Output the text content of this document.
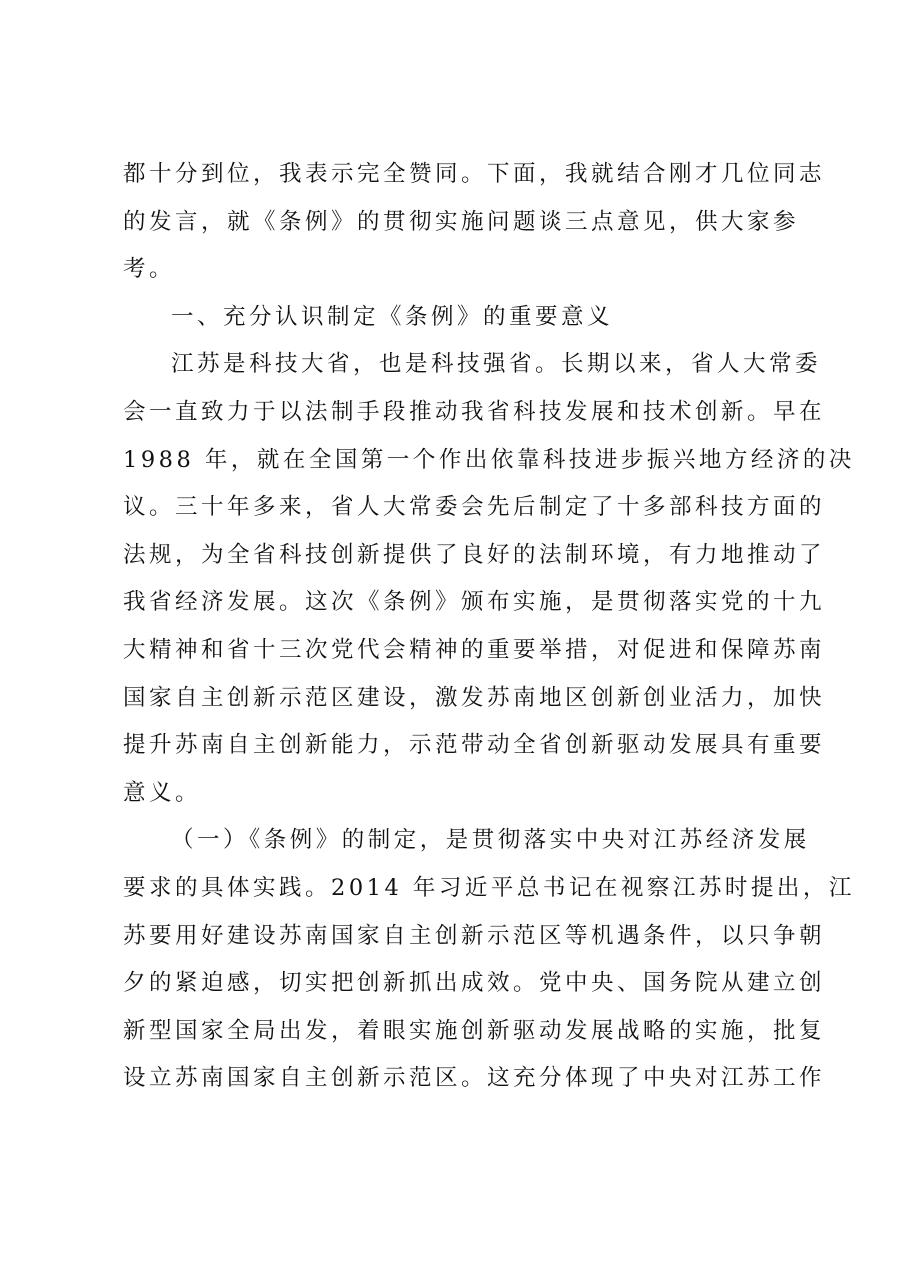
都十分到位，我表示完全赞同。下面，我就结合刚才几位同志
的发言，就《条例》的贯彻实施问题谈三点意见，供大家参
考。
一、充分认识制定《条例》的重要意义
江苏是科技大省，也是科技强省。长期以来，省人大常委
会一直致力于以法制手段推动我省科技发展和技术创新。早在
1988 年，就在全国第一个作出依靠科技进步振兴地方经济的决
议。三十年多来，省人大常委会先后制定了十多部科技方面的
法规，为全省科技创新提供了良好的法制环境，有力地推动了
我省经济发展。这次《条例》颁布实施，是贯彻落实党的十九
大精神和省十三次党代会精神的重要举措，对促进和保障苏南
国家自主创新示范区建设，激发苏南地区创新创业活力，加快
提升苏南自主创新能力，示范带动全省创新驱动发展具有重要
意义。
（一）《条例》的制定，是贯彻落实中央对江苏经济发展
要求的具体实践。2014 年习近平总书记在视察江苏时提出，江
苏要用好建设苏南国家自主创新示范区等机遇条件，以只争朝
夕的紧迫感，切实把创新抓出成效。党中央、国务院从建立创
新型国家全局出发，着眼实施创新驱动发展战略的实施，批复
设立苏南国家自主创新示范区。这充分体现了中央对江苏工作
